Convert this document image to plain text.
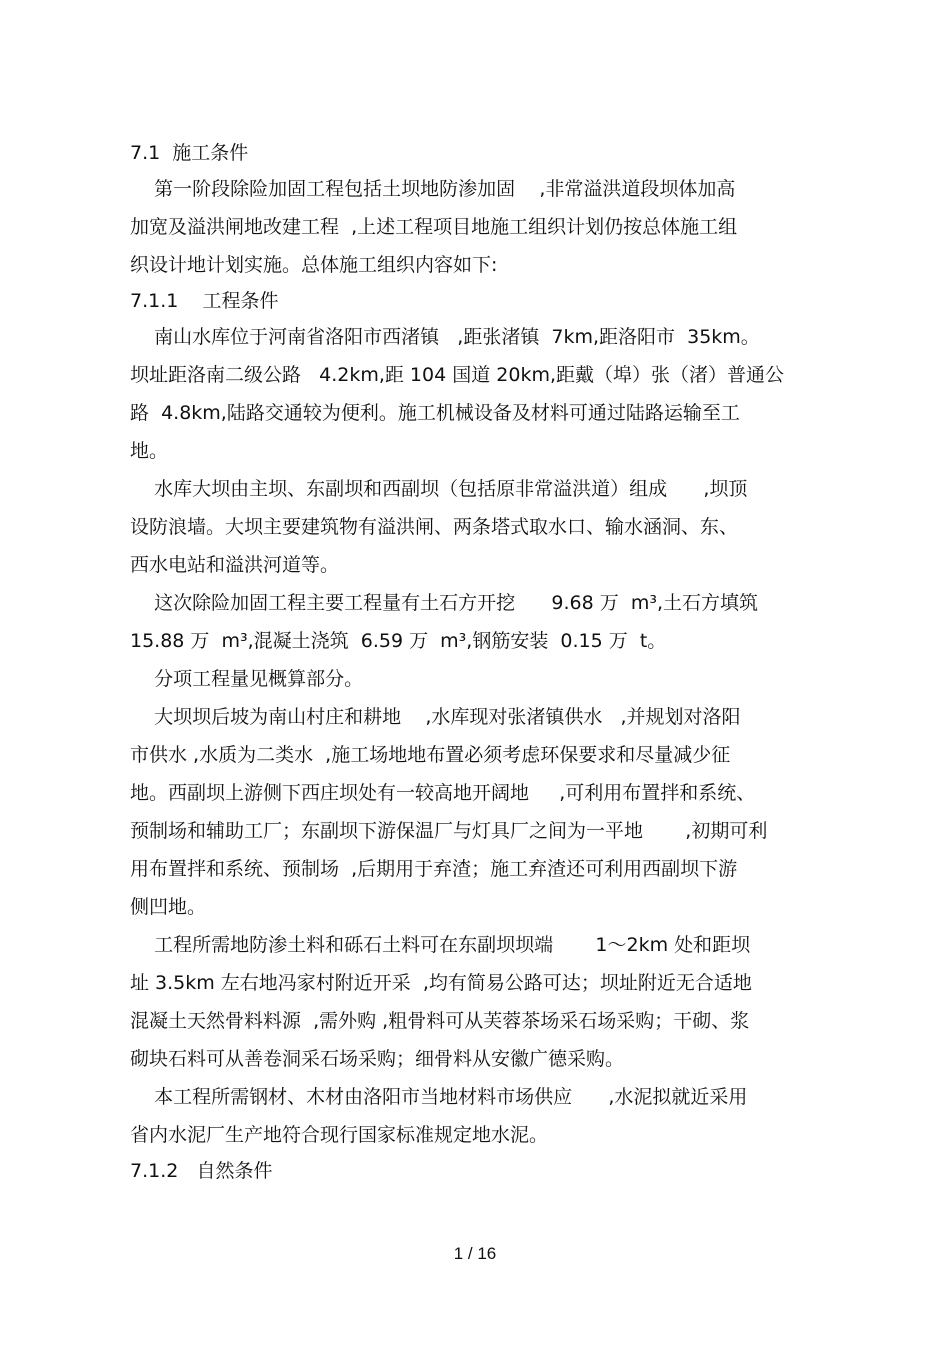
7.1  施工条件
第一阶段除险加固工程包括土坝地防渗加固    ,非常溢洪道段坝体加高
加宽及溢洪闸地改建工程  ,上述工程项目地施工组织计划仍按总体施工组
织设计地计划实施。总体施工组织内容如下:
7.1.1    工程条件
南山水库位于河南省洛阳市西渚镇   ,距张渚镇  7km,距洛阳市  35km。
坝址距洛南二级公路   4.2km,距 104 国道 20km,距戴（埠）张（渚）普通公
路  4.8km,陆路交通较为便利。施工机械设备及材料可通过陆路运输至工
地。
水库大坝由主坝、东副坝和西副坝（包括原非常溢洪道）组成      ,坝顶
设防浪墙。大坝主要建筑物有溢洪闸、两条塔式取水口、输水涵洞、东、
西水电站和溢洪河道等。
这次除险加固工程主要工程量有土石方开挖      9.68 万  m³,土石方填筑
15.88 万  m³,混凝土浇筑  6.59 万  m³,钢筋安装  0.15 万  t。
分项工程量见概算部分。
大坝坝后坡为南山村庄和耕地    ,水库现对张渚镇供水   ,并规划对洛阳
市供水 ,水质为二类水  ,施工场地地布置必须考虑环保要求和尽量减少征
地。西副坝上游侧下西庄坝处有一较高地开阔地     ,可利用布置拌和系统、
预制场和辅助工厂；东副坝下游保温厂与灯具厂之间为一平地       ,初期可利
用布置拌和系统、预制场  ,后期用于弃渣；施工弃渣还可利用西副坝下游
侧凹地。
工程所需地防渗土料和砾石土料可在东副坝坝端       1～2km 处和距坝
址 3.5km 左右地冯家村附近开采  ,均有简易公路可达；坝址附近无合适地
混凝土天然骨料料源  ,需外购 ,粗骨料可从芙蓉茶场采石场采购；干砌、浆
砌块石料可从善卷洞采石场采购；细骨料从安徽广德采购。
本工程所需钢材、木材由洛阳市当地材料市场供应      ,水泥拟就近采用
省内水泥厂生产地符合现行国家标准规定地水泥。
7.1.2   自然条件
1 / 16
